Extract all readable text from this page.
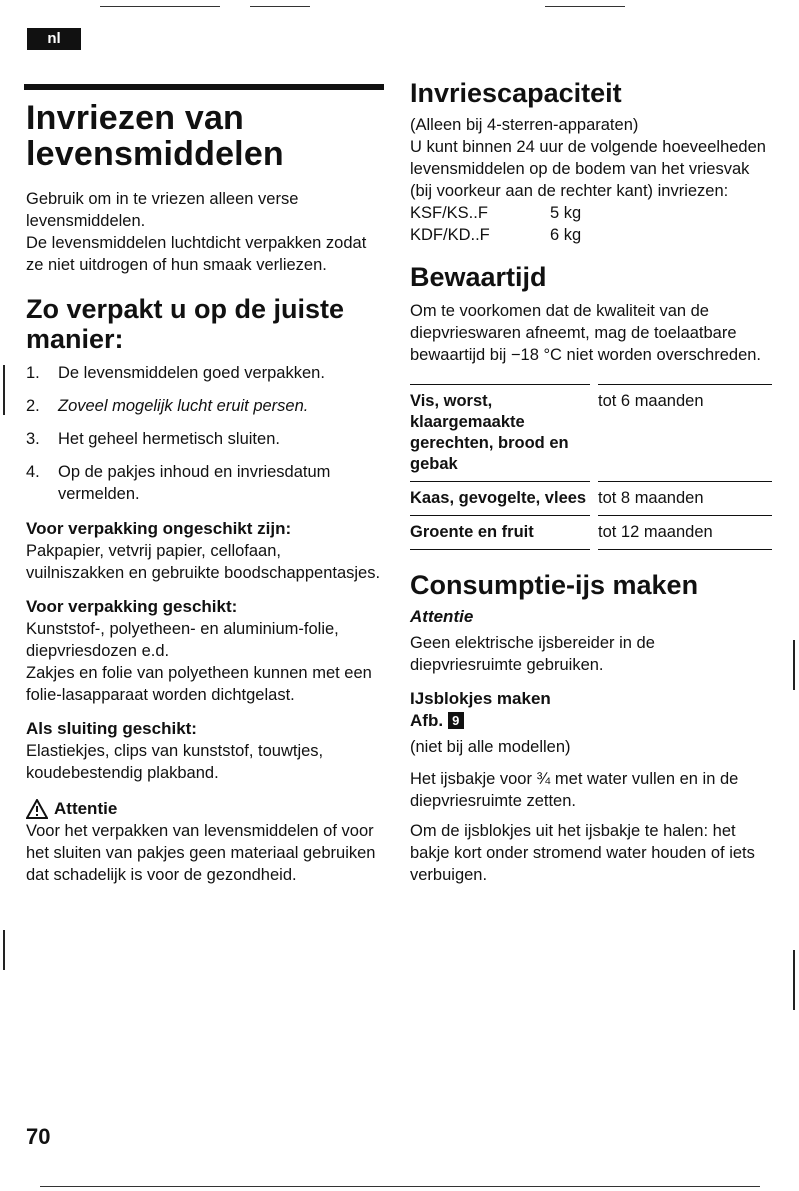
nl
Invriezen van levensmiddelen

Gebruik om in te vriezen alleen verse levensmiddelen.

De levensmiddelen luchtdicht verpakken zodat ze niet uitdrogen of hun smaak verliezen.

Zo verpakt u op de juiste manier:
1. De levensmiddelen goed verpakken.
2. Zoveel mogelijk lucht eruit persen.
3. Het geheel hermetisch sluiten.
4. Op de pakjes inhoud en invriesdatum vermelden.
Voor verpakking ongeschikt zijn:

Pakpapier, vetvrij papier, cellofaan, vuilniszakken en gebruikte boodschappentasjes.

Voor verpakking geschikt:

Kunststof-, polyetheen- en aluminium-folie, diepvriesdozen e.d.

Zakjes en folie van polyetheen kunnen met een folie-lasapparaat worden dichtgelast.

Als sluiting geschikt:

Elastiekjes, clips van kunststof, touwtjes, koudebestendig plakband.

Attentie

Voor het verpakken van levensmiddelen of voor het sluiten van pakjes geen materiaal gebruiken dat schadelijk is voor de gezondheid.

Invriescapaciteit

(Alleen bij 4-sterren-apparaten)
U kunt binnen 24 uur de volgende hoeveelheden levensmiddelen op de bodem van het vriesvak (bij voorkeur aan de rechter kant) invriezen:

KSF/KS..F	5 kg
KDF/KD..F	6 kg
Bewaartijd

Om te voorkomen dat de kwaliteit van de diepvrieswaren afneemt, mag de toelaatbare bewaartijd bij −18 °C niet worden overschreden.

Vis, worst, klaargemaakte gerechten, brood en gebak		tot 6 maanden
Kaas, gevogelte, vlees		tot 8 maanden
Groente en fruit		tot 12 maanden
Consumptie-ijs maken
Attentie

Geen elektrische ijsbereider in de diepvriesruimte gebruiken.

IJsblokjes maken
Afb. 9

(niet bij alle modellen)

Het ijsbakje voor ¾ met water vullen en in de diepvriesruimte zetten.

Om de ijsblokjes uit het ijsbakje te halen: het bakje kort onder stromend water houden of iets verbuigen.

70
